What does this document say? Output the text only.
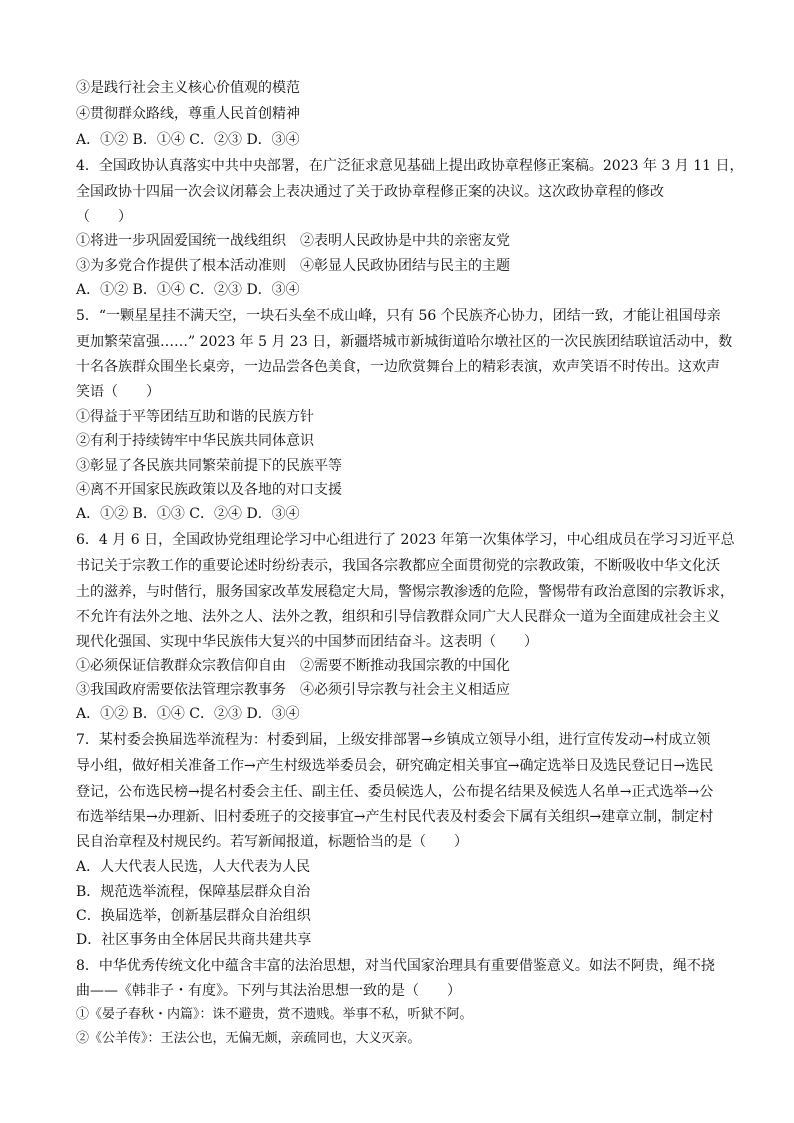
③是践行社会主义核心价值观的模范

④贯彻群众路线，尊重人民首创精神

A．①② B．①④ C．②③ D．③④

4．全国政协认真落实中共中央部署，在广泛征求意见基础上提出政协章程修正案稿。2023 年 3 月 11 日，

全国政协十四届一次会议闭幕会上表决通过了关于政协章程修正案的决议。这次政协章程的修改

（　　）

①将进一步巩固爱国统一战线组织　②表明人民政协是中共的亲密友党

③为多党合作提供了根本活动准则　④彰显人民政协团结与民主的主题

A．①② B．①④ C．②③ D．③④

5．“一颗星星挂不满天空，一块石头垒不成山峰，只有 56 个民族齐心协力，团结一致，才能让祖国母亲

更加繁荣富强……” 2023 年 5 月 23 日，新疆塔城市新城街道哈尔墩社区的一次民族团结联谊活动中，数

十名各族群众围坐长桌旁，一边品尝各色美食，一边欣赏舞台上的精彩表演，欢声笑语不时传出。这欢声

笑语（　　）

①得益于平等团结互助和谐的民族方针

②有利于持续铸牢中华民族共同体意识

③彰显了各民族共同繁荣前提下的民族平等

④离不开国家民族政策以及各地的对口支援

A．①② B．①③ C．②④ D．③④

6．4 月 6 日，全国政协党组理论学习中心组进行了 2023 年第一次集体学习，中心组成员在学习习近平总

书记关于宗教工作的重要论述时纷纷表示，我国各宗教都应全面贯彻党的宗教政策，不断吸收中华文化沃

土的滋养，与时偕行，服务国家改革发展稳定大局，警惕宗教渗透的危险，警惕带有政治意图的宗教诉求，

不允许有法外之地、法外之人、法外之教，组织和引导信教群众同广大人民群众一道为全面建成社会主义

现代化强国、实现中华民族伟大复兴的中国梦而团结奋斗。这表明（　　）

①必须保证信教群众宗教信仰自由　②需要不断推动我国宗教的中国化

③我国政府需要依法管理宗教事务　④必须引导宗教与社会主义相适应

A．①② B．①④ C．②③ D．③④

7．某村委会换届选举流程为：村委到届，上级安排部署→乡镇成立领导小组，进行宣传发动→村成立领

导小组，做好相关准备工作→产生村级选举委员会，研究确定相关事宜→确定选举日及选民登记日→选民

登记，公布选民榜→提名村委会主任、副主任、委员候选人，公布提名结果及候选人名单→正式选举→公

布选举结果→办理新、旧村委班子的交接事宜→产生村民代表及村委会下属有关组织→建章立制，制定村

民自治章程及村规民约。若写新闻报道，标题恰当的是（　　）

A．人大代表人民选，人大代表为人民

B．规范选举流程，保障基层群众自治

C．换届选举，创新基层群众自治组织

D．社区事务由全体居民共商共建共享

8．中华优秀传统文化中蕴含丰富的法治思想，对当代国家治理具有重要借鉴意义。如法不阿贵，绳不挠

曲——《韩非子・有度》。下列与其法治思想一致的是（　　）

①《晏子春秋・内篇》：诛不避贵，赏不遗贱。举事不私，听狱不阿。

②《公羊传》：王法公也，无偏无颇，亲疏同也，大义灭亲。
